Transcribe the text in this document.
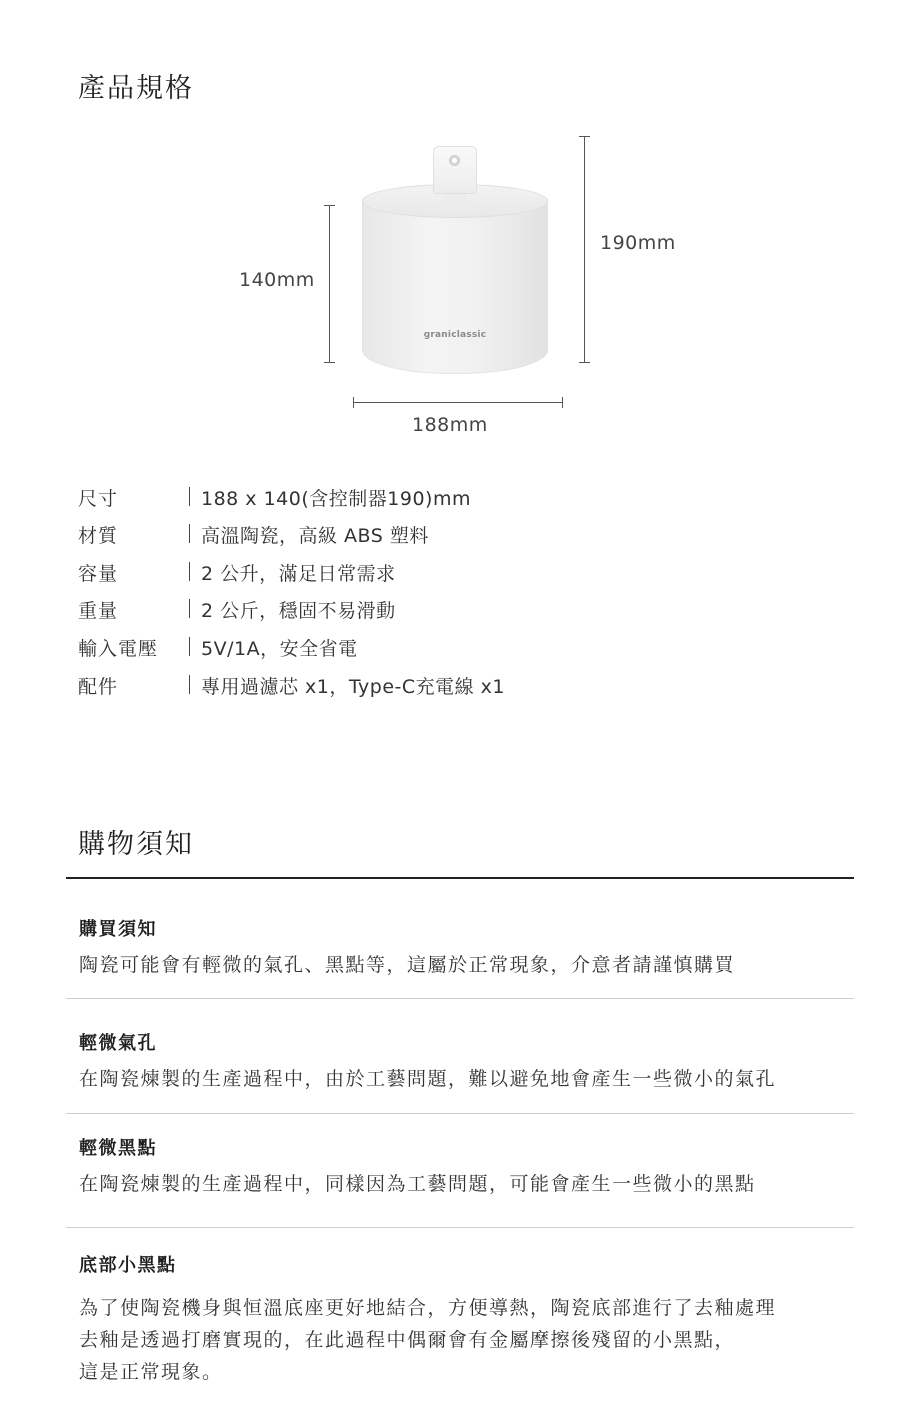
產品規格
140mm
190mm
188mm
graniclassic
尺寸	188 x 140(含控制器190)mm
材質	高溫陶瓷，高級 ABS 塑料
容量	2 公升，滿足日常需求
重量	2 公斤，穩固不易滑動
輸入電壓	5V/1A，安全省電
配件	專用過濾芯 x1，Type-C充電線 x1
購物須知
購買須知
陶瓷可能會有輕微的氣孔、黑點等，這屬於正常現象，介意者請謹慎購買
輕微氣孔
在陶瓷煉製的生產過程中，由於工藝問題，難以避免地會產生一些微小的氣孔
輕微黑點
在陶瓷煉製的生產過程中，同樣因為工藝問題，可能會產生一些微小的黑點
底部小黑點
為了使陶瓷機身與恒溫底座更好地結合，方便導熱，陶瓷底部進行了去釉處理
去釉是透過打磨實現的，在此過程中偶爾會有金屬摩擦後殘留的小黑點，
這是正常現象。
